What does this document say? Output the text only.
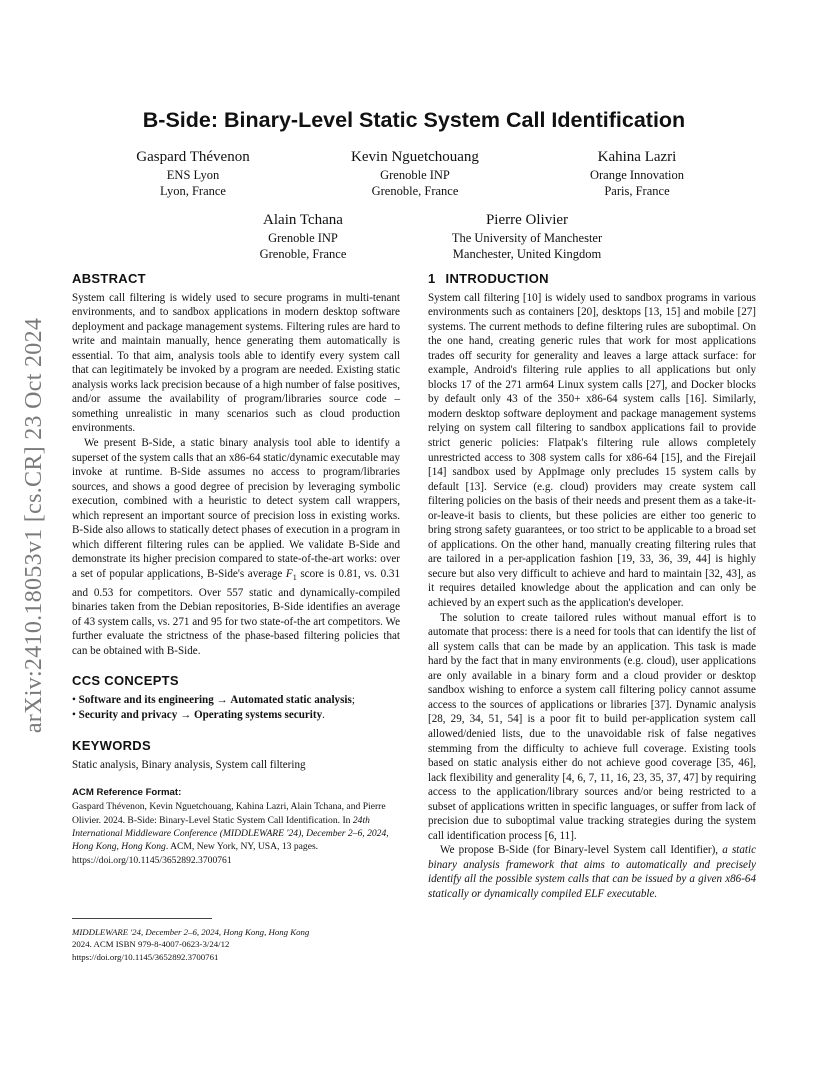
arXiv:2410.18053v1 [cs.CR] 23 Oct 2024
B-Side: Binary-Level Static System Call Identification
Gaspard Thévenon
ENS Lyon
Lyon, France
Kevin Nguetchouang
Grenoble INP
Grenoble, France
Kahina Lazri
Orange Innovation
Paris, France
Alain Tchana
Grenoble INP
Grenoble, France
Pierre Olivier
The University of Manchester
Manchester, United Kingdom
ABSTRACT

System call filtering is widely used to secure programs in multi-tenant environments, and to sandbox applications in modern desktop software deployment and package management systems. Filtering rules are hard to write and maintain manually, hence generating them automatically is essential. To that aim, analysis tools able to identify every system call that can legitimately be invoked by a program are needed. Existing static analysis works lack precision because of a high number of false positives, and/or assume the availability of program/libraries source code – something unrealistic in many scenarios such as cloud production environments.

We present B-Side, a static binary analysis tool able to identify a superset of the system calls that an x86-64 static/dynamic executable may invoke at runtime. B-Side assumes no access to program/libraries sources, and shows a good degree of precision by leveraging symbolic execution, combined with a heuristic to detect system call wrappers, which represent an important source of precision loss in existing works. B-Side also allows to statically detect phases of execution in a program in which different filtering rules can be applied. We validate B-Side and demonstrate its higher precision compared to state-of-the-art works: over a set of popular applications, B-Side's average $F_1$ score is 0.81, vs. 0.31 and 0.53 for competitors. Over 557 static and dynamically-compiled binaries taken from the Debian repositories, B-Side identifies an average of 43 system calls, vs. 271 and 95 for two state-of-the art competitors. We further evaluate the strictness of the phase-based filtering policies that can be obtained with B-Side.

CCS CONCEPTS
• Software and its engineering → Automated static analysis;
• Security and privacy → Operating systems security.
KEYWORDS

Static analysis, Binary analysis, System call filtering

ACM Reference Format:
Gaspard Thévenon, Kevin Nguetchouang, Kahina Lazri, Alain Tchana, and Pierre Olivier. 2024. B-Side: Binary-Level Static System Call Identification. In 24th International Middleware Conference (MIDDLEWARE '24), December 2–6, 2024, Hong Kong, Hong Kong. ACM, New York, NY, USA, 13 pages. https://doi.org/10.1145/3652892.3700761
MIDDLEWARE '24, December 2–6, 2024, Hong Kong, Hong Kong
2024. ACM ISBN 979-8-4007-0623-3/24/12
https://doi.org/10.1145/3652892.3700761
1 INTRODUCTION

System call filtering [10] is widely used to sandbox programs in various environments such as containers [20], desktops [13, 15] and mobile [27] systems. The current methods to define filtering rules are suboptimal. On the one hand, creating generic rules that work for most applications trades off security for generality and leaves a large attack surface: for example, Android's filtering rule applies to all applications but only blocks 17 of the 271 arm64 Linux system calls [27], and Docker blocks by default only 43 of the 350+ x86-64 system calls [16]. Similarly, modern desktop software deployment and package management systems relying on system call filtering to sandbox applications fail to provide strict generic policies: Flatpak's filtering rule allows completely unrestricted access to 308 system calls for x86-64 [15], and the Firejail [14] sandbox used by AppImage only precludes 15 system calls by default [13]. Service (e.g. cloud) providers may create system call filtering policies on the basis of their needs and present them as a take-it-or-leave-it basis to clients, but these policies are either too generic to bring strong safety guarantees, or too strict to be applicable to a broad set of applications. On the other hand, manually creating filtering rules that are tailored in a per-application fashion [19, 33, 36, 39, 44] is highly secure but also very difficult to achieve and hard to maintain [32, 43], as it requires detailed knowledge about the application and can only be achieved by an expert such as the application's developer.

The solution to create tailored rules without manual effort is to automate that process: there is a need for tools that can identify the list of all system calls that can be made by an application. This task is made hard by the fact that in many environments (e.g. cloud), user applications are only available in a binary form and a cloud provider or desktop sandbox wishing to enforce a system call filtering policy cannot assume access to the sources of applications or libraries [37]. Dynamic analysis [28, 29, 34, 51, 54] is a poor fit to build per-application system call allowed/denied lists, due to the unavoidable risk of false negatives stemming from the difficulty to achieve full coverage. Existing tools based on static analysis either do not achieve good coverage [35, 46], lack flexibility and generality [4, 6, 7, 11, 16, 23, 35, 37, 47] by requiring access to the application/library sources and/or being restricted to a subset of applications written in specific languages, or suffer from lack of precision due to suboptimal value tracking strategies during the system call identification process [6, 11].

We propose B-Side (for Binary-level System call Identifier), a static binary analysis framework that aims to automatically and precisely identify all the possible system calls that can be issued by a given x86-64 statically or dynamically compiled ELF executable.
